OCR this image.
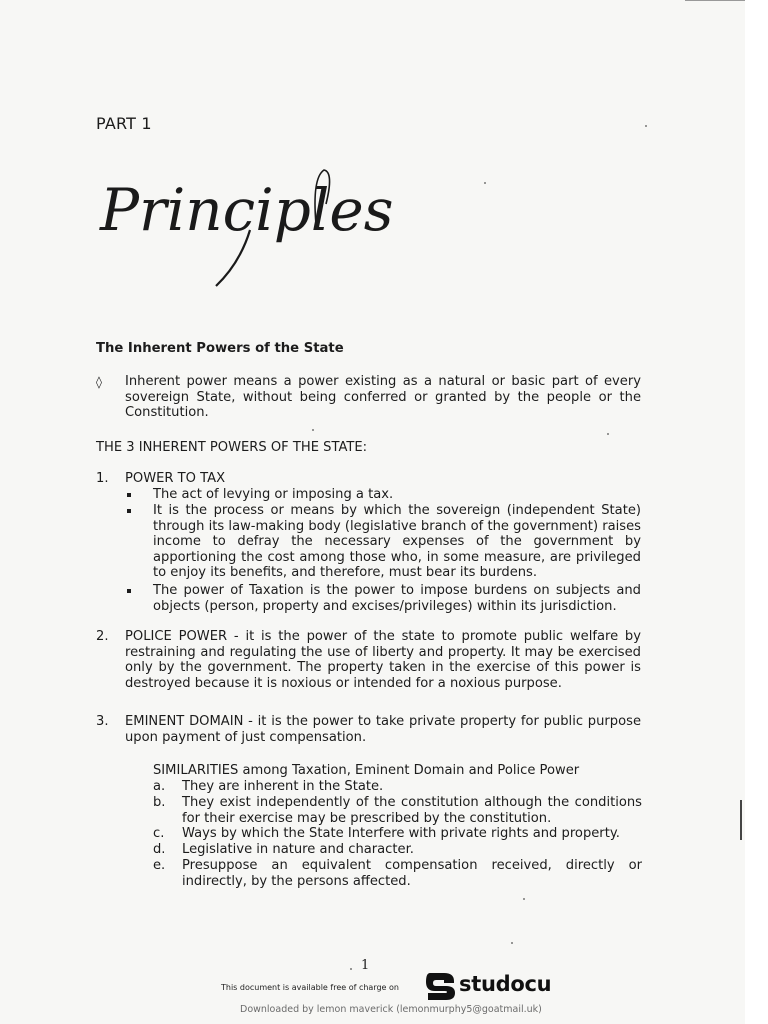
PART 1
Principles
The Inherent Powers of the State
◊ Inherent power means a power existing as a natural or basic part of every sovereign State, without being conferred or granted by the people or the Constitution.
THE 3 INHERENT POWERS OF THE STATE:
1. POWER TO TAX
The act of levying or imposing a tax.
It is the process or means by which the sovereign (independent State) through its law-making body (legislative branch of the government) raises income to defray the necessary expenses of the government by apportioning the cost among those who, in some measure, are privileged to enjoy its benefits, and therefore, must bear its burdens.
The power of Taxation is the power to impose burdens on subjects and objects (person, property and excises/privileges) within its jurisdiction.
2. POLICE POWER - it is the power of the state to promote public welfare by restraining and regulating the use of liberty and property. It may be exercised only by the government. The property taken in the exercise of this power is destroyed because it is noxious or intended for a noxious purpose.
3. EMINENT DOMAIN - it is the power to take private property for public purpose upon payment of just compensation.
SIMILARITIES among Taxation, Eminent Domain and Police Power
a. They are inherent in the State.
b. They exist independently of the constitution although the conditions for their exercise may be prescribed by the constitution.
c. Ways by which the State Interfere with private rights and property.
d. Legislative in nature and character.
e. Presuppose an equivalent compensation received, directly or indirectly, by the persons affected.
1
This document is available free of charge on	studocu
Downloaded by lemon maverick (lemonmurphy5@goatmail.uk)
